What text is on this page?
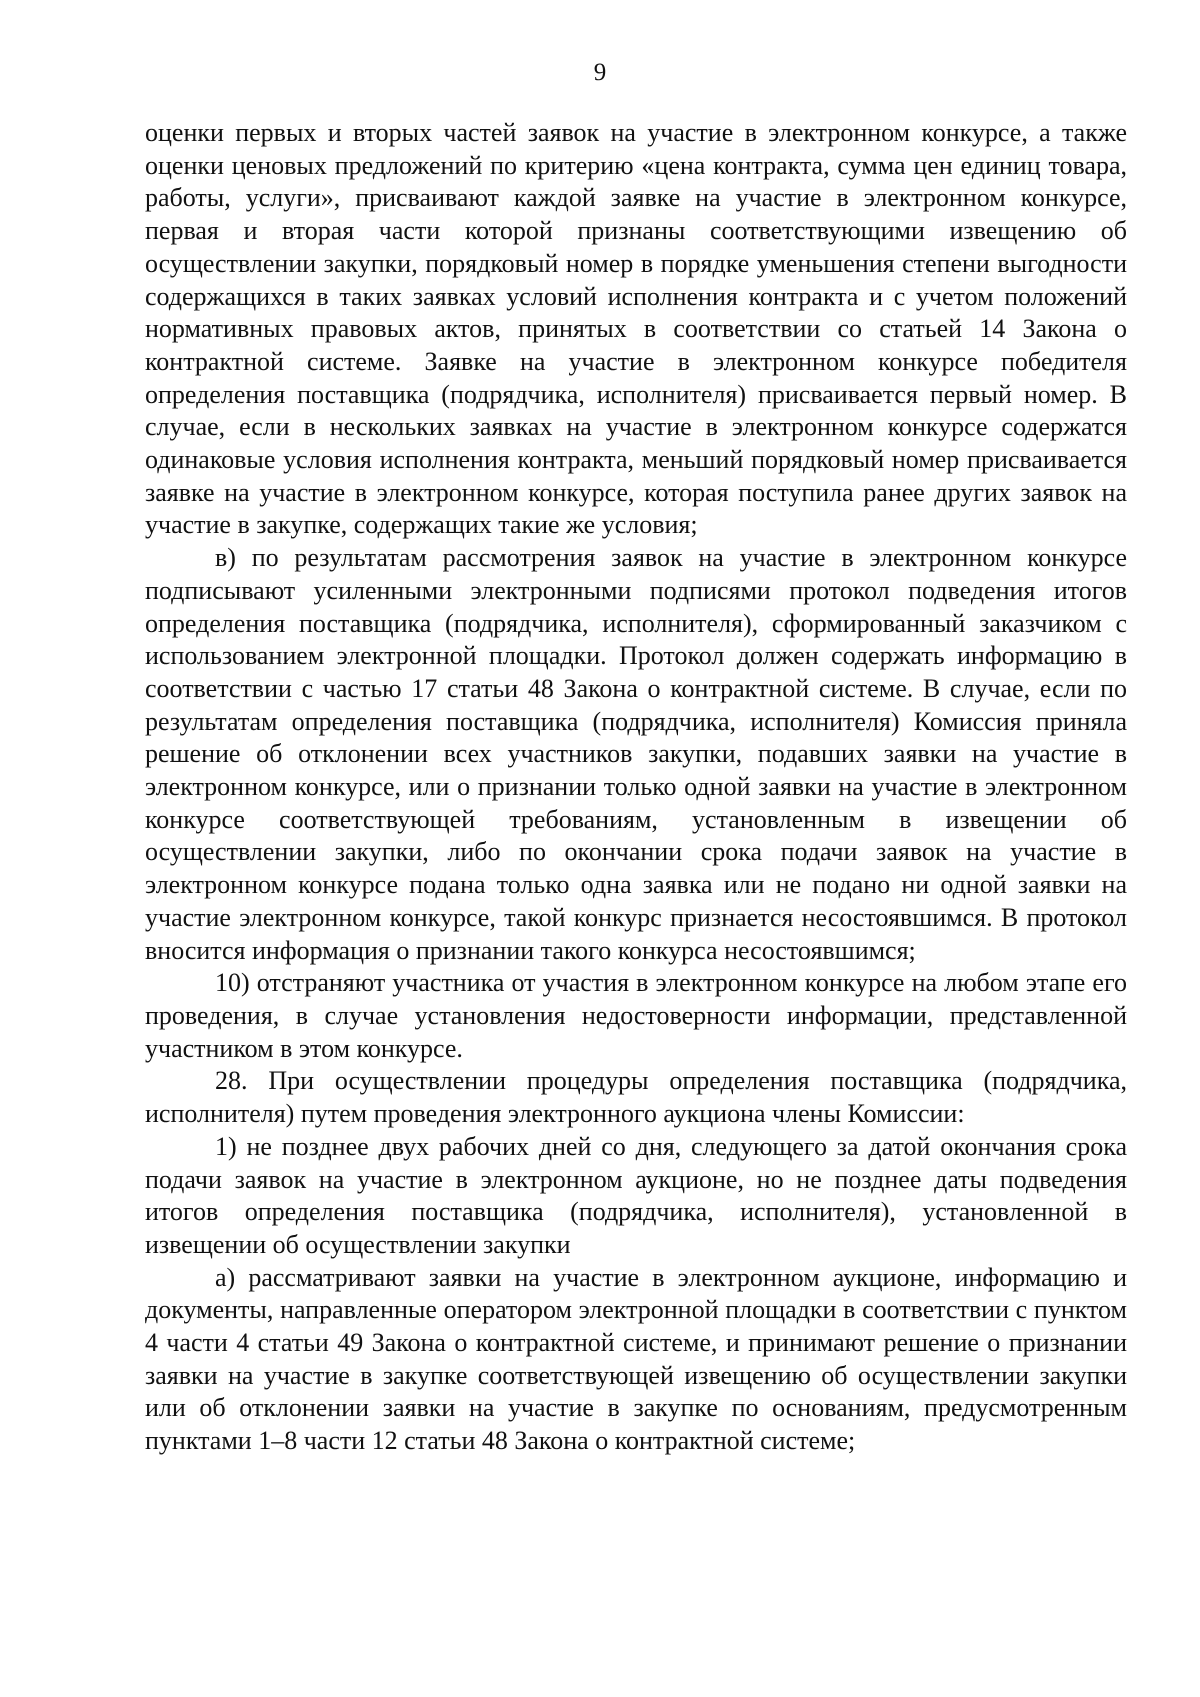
9

оценки первых и вторых частей заявок на участие в электронном конкурсе, а также оценки ценовых предложений по критерию «цена контракта, сумма цен единиц товара, работы, услуги», присваивают каждой заявке на участие в электронном конкурсе, первая и вторая части которой признаны соответствующими извещению об осуществлении закупки, порядковый номер в порядке уменьшения степени выгодности содержащихся в таких заявках условий исполнения контракта и с учетом положений нормативных правовых актов, принятых в соответствии со статьей 14 Закона о контрактной системе. Заявке на участие в электронном конкурсе победителя определения поставщика (подрядчика, исполнителя) присваивается первый номер. В случае, если в нескольких заявках на участие в электронном конкурсе содержатся одинаковые условия исполнения контракта, меньший порядковый номер присваивается заявке на участие в электронном конкурсе, которая поступила ранее других заявок на участие в закупке, содержащих такие же условия;

в) по результатам рассмотрения заявок на участие в электронном конкурсе подписывают усиленными электронными подписями протокол подведения итогов определения поставщика (подрядчика, исполнителя), сформированный заказчиком с использованием электронной площадки. Протокол должен содержать информацию в соответствии с частью 17 статьи 48 Закона о контрактной системе. В случае, если по результатам определения поставщика (подрядчика, исполнителя) Комиссия приняла решение об отклонении всех участников закупки, подавших заявки на участие в электронном конкурсе, или о признании только одной заявки на участие в электронном конкурсе соответствующей требованиям, установленным в извещении об осуществлении закупки, либо по окончании срока подачи заявок на участие в электронном конкурсе подана только одна заявка или не подано ни одной заявки на участие электронном конкурсе, такой конкурс признается несостоявшимся. В протокол вносится информация о признании такого конкурса несостоявшимся;

10) отстраняют участника от участия в электронном конкурсе на любом этапе его проведения, в случае установления недостоверности информации, представленной участником в этом конкурсе.

28. При осуществлении процедуры определения поставщика (подрядчика, исполнителя) путем проведения электронного аукциона члены Комиссии:

1) не позднее двух рабочих дней со дня, следующего за датой окончания срока подачи заявок на участие в электронном аукционе, но не позднее даты подведения итогов определения поставщика (подрядчика, исполнителя), установленной в извещении об осуществлении закупки

а) рассматривают заявки на участие в электронном аукционе, информацию и документы, направленные оператором электронной площадки в соответствии с пунктом 4 части 4 статьи 49 Закона о контрактной системе, и принимают решение о признании заявки на участие в закупке соответствующей извещению об осуществлении закупки или об отклонении заявки на участие в закупке по основаниям, предусмотренным пунктами 1–8 части 12 статьи 48 Закона о контрактной системе;
